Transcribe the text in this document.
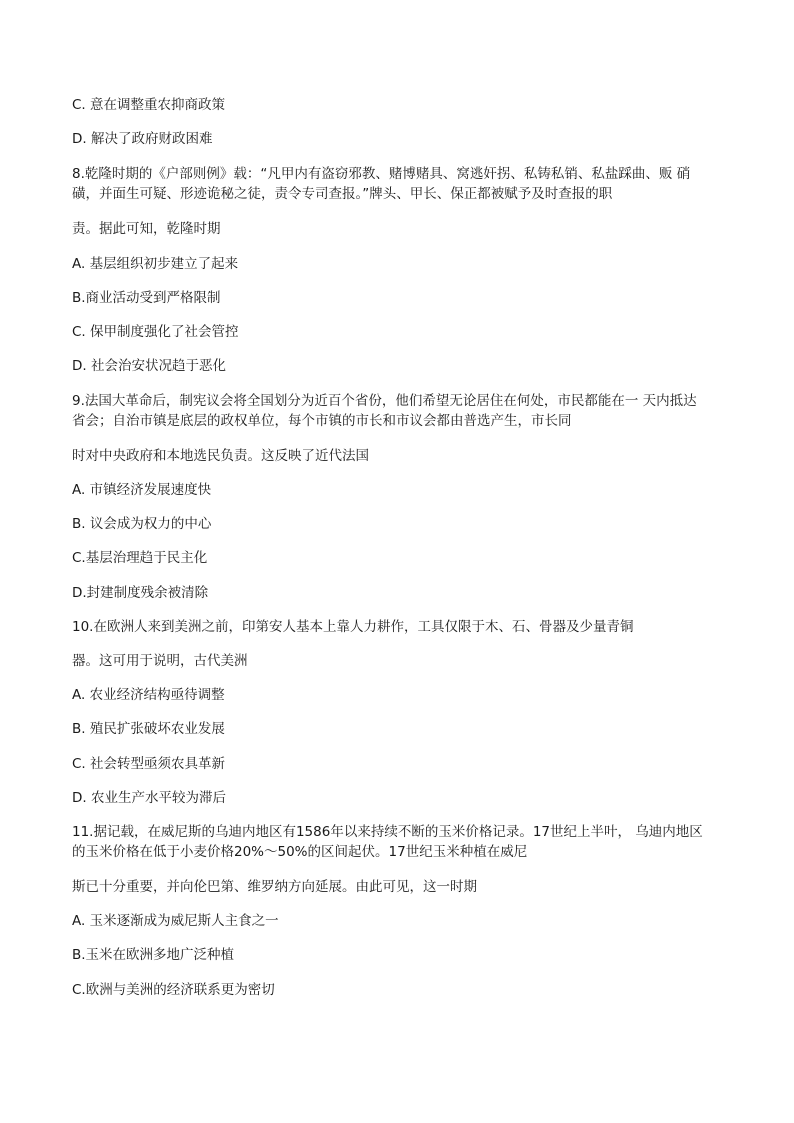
C. 意在调整重农抑商政策
D. 解决了政府财政困难
8.乾隆时期的《户部则例》载：“凡甲内有盗窃邪教、赌博赌具、窝逃奸拐、私铸私销、私盐踩曲、贩 硝
磺，并面生可疑、形迹诡秘之徒，责令专司查报。”牌头、甲长、保正都被赋予及时查报的职
责。据此可知，乾隆时期
A. 基层组织初步建立了起来
B.商业活动受到严格限制
C. 保甲制度强化了社会管控
D. 社会治安状况趋于恶化
9.法国大革命后，制宪议会将全国划分为近百个省份，他们希望无论居住在何处，市民都能在一 天内抵达
省会；自治市镇是底层的政权单位，每个市镇的市长和市议会都由普选产生，市长同
时对中央政府和本地选民负责。这反映了近代法国
A. 市镇经济发展速度快
B. 议会成为权力的中心
C.基层治理趋于民主化
D.封建制度残余被清除
10.在欧洲人来到美洲之前，印第安人基本上靠人力耕作，工具仅限于木、石、骨器及少量青铜
器。这可用于说明，古代美洲
A. 农业经济结构亟待调整
B. 殖民扩张破坏农业发展
C. 社会转型亟须农具革新
D. 农业生产水平较为滞后
11.据记载，在威尼斯的乌迪内地区有1586年以来持续不断的玉米价格记录。17世纪上半叶， 乌迪内地区
的玉米价格在低于小麦价格20%～50%的区间起伏。17世纪玉米种植在威尼
斯已十分重要，并向伦巴第、维罗纳方向延展。由此可见，这一时期
A. 玉米逐渐成为威尼斯人主食之一
B.玉米在欧洲多地广泛种植
C.欧洲与美洲的经济联系更为密切
